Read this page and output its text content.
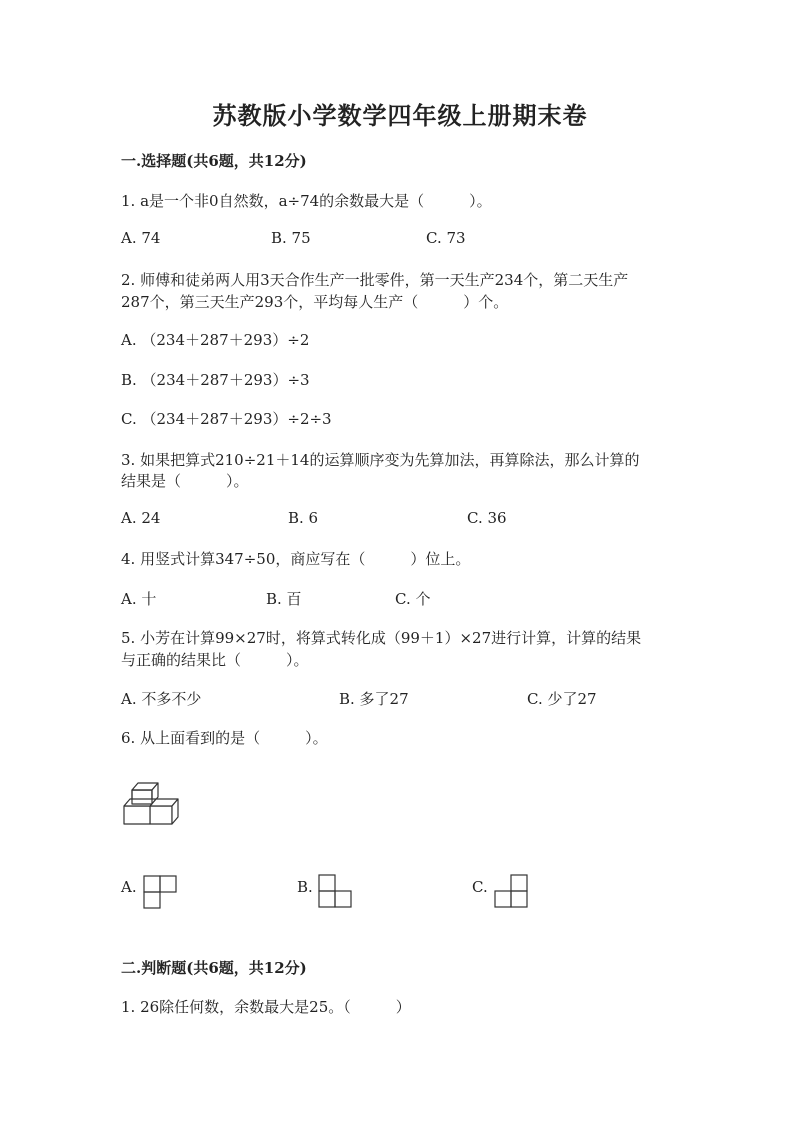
苏教版小学数学四年级上册期末卷
一.选择题(共6题，共12分)
1. a是一个非0自然数，a÷74的余数最大是（　　　）。
A. 74	B. 75	C. 73
2. 师傅和徒弟两人用3天合作生产一批零件，第一天生产234个，第二天生产
287个，第三天生产293个，平均每人生产（　　　）个。
A. （234＋287＋293）÷2
B. （234＋287＋293）÷3
C. （234＋287＋293）÷2÷3
3. 如果把算式210÷21＋14的运算顺序变为先算加法，再算除法，那么计算的
结果是（　　　）。
A. 24	B. 6	C. 36
4. 用竖式计算347÷50，商应写在（　　　）位上。
A. 十	B. 百	C. 个
5. 小芳在计算99×27时，将算式转化成（99＋1）×27进行计算，计算的结果
与正确的结果比（　　　）。
A. 不多不少	B. 多了27	C. 少了27
6. 从上面看到的是（　　　）。
A.	B.	C.
二.判断题(共6题，共12分)
1. 26除任何数，余数最大是25。（　　　）
